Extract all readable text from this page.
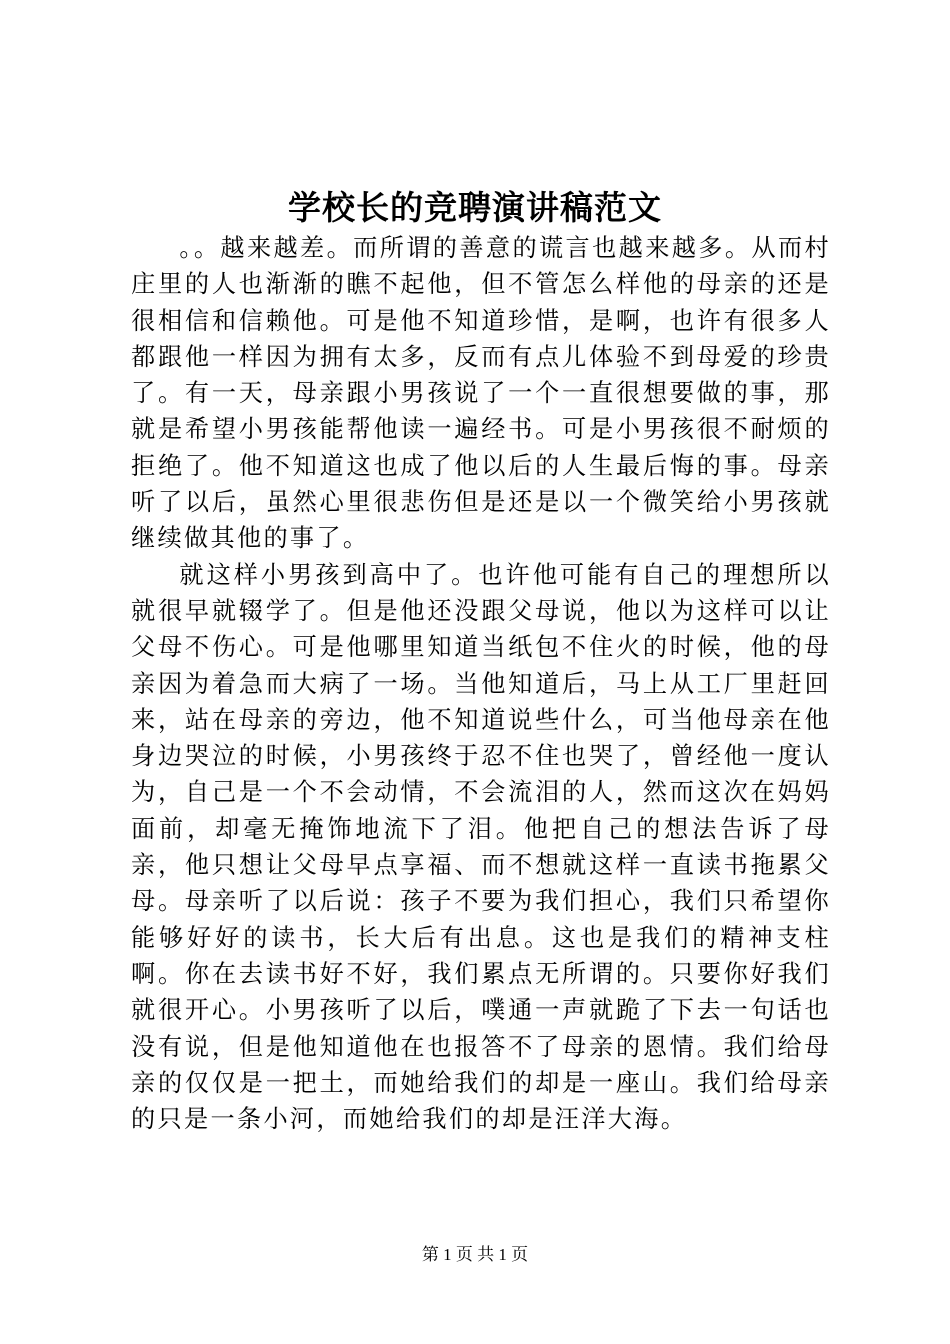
学校长的竞聘演讲稿范文

。。越来越差。而所谓的善意的谎言也越来越多。从而村庄里的人也渐渐的瞧不起他，但不管怎么样他的母亲的还是很相信和信赖他。可是他不知道珍惜，是啊，也许有很多人都跟他一样因为拥有太多，反而有点儿体验不到母爱的珍贵了。有一天，母亲跟小男孩说了一个一直很想要做的事，那就是希望小男孩能帮他读一遍经书。可是小男孩很不耐烦的拒绝了。他不知道这也成了他以后的人生最后悔的事。母亲听了以后，虽然心里很悲伤但是还是以一个微笑给小男孩就继续做其他的事了。

就这样小男孩到高中了。也许他可能有自己的理想所以就很早就辍学了。但是他还没跟父母说，他以为这样可以让父母不伤心。可是他哪里知道当纸包不住火的时候，他的母亲因为着急而大病了一场。当他知道后，马上从工厂里赶回来，站在母亲的旁边，他不知道说些什么，可当他母亲在他身边哭泣的时候，小男孩终于忍不住也哭了，曾经他一度认为，自己是一个不会动情，不会流泪的人，然而这次在妈妈面前，却毫无掩饰地流下了泪。他把自己的想法告诉了母亲，他只想让父母早点享福、而不想就这样一直读书拖累父母。母亲听了以后说：孩子不要为我们担心，我们只希望你能够好好的读书，长大后有出息。这也是我们的精神支柱啊。你在去读书好不好，我们累点无所谓的。只要你好我们就很开心。小男孩听了以后，噗通一声就跪了下去一句话也没有说，但是他知道他在也报答不了母亲的恩情。我们给母亲的仅仅是一把土，而她给我们的却是一座山。我们给母亲的只是一条小河，而她给我们的却是汪洋大海。

第 1 页 共 1 页
